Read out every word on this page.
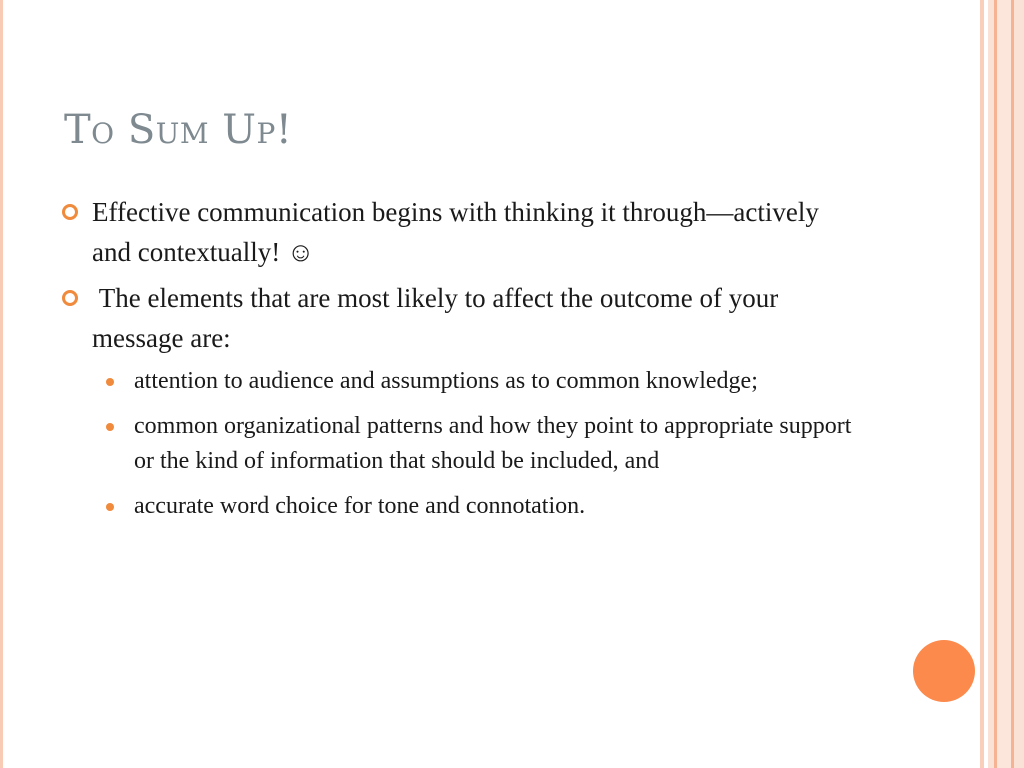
To Sum Up!
Effective communication begins with thinking it through—actively and contextually! ☺
The elements that are most likely to affect the outcome of your message are:
attention to audience and assumptions as to common knowledge;
common organizational patterns and how they point to appropriate support  or the kind of information that should be included, and
accurate word choice for tone and connotation.
